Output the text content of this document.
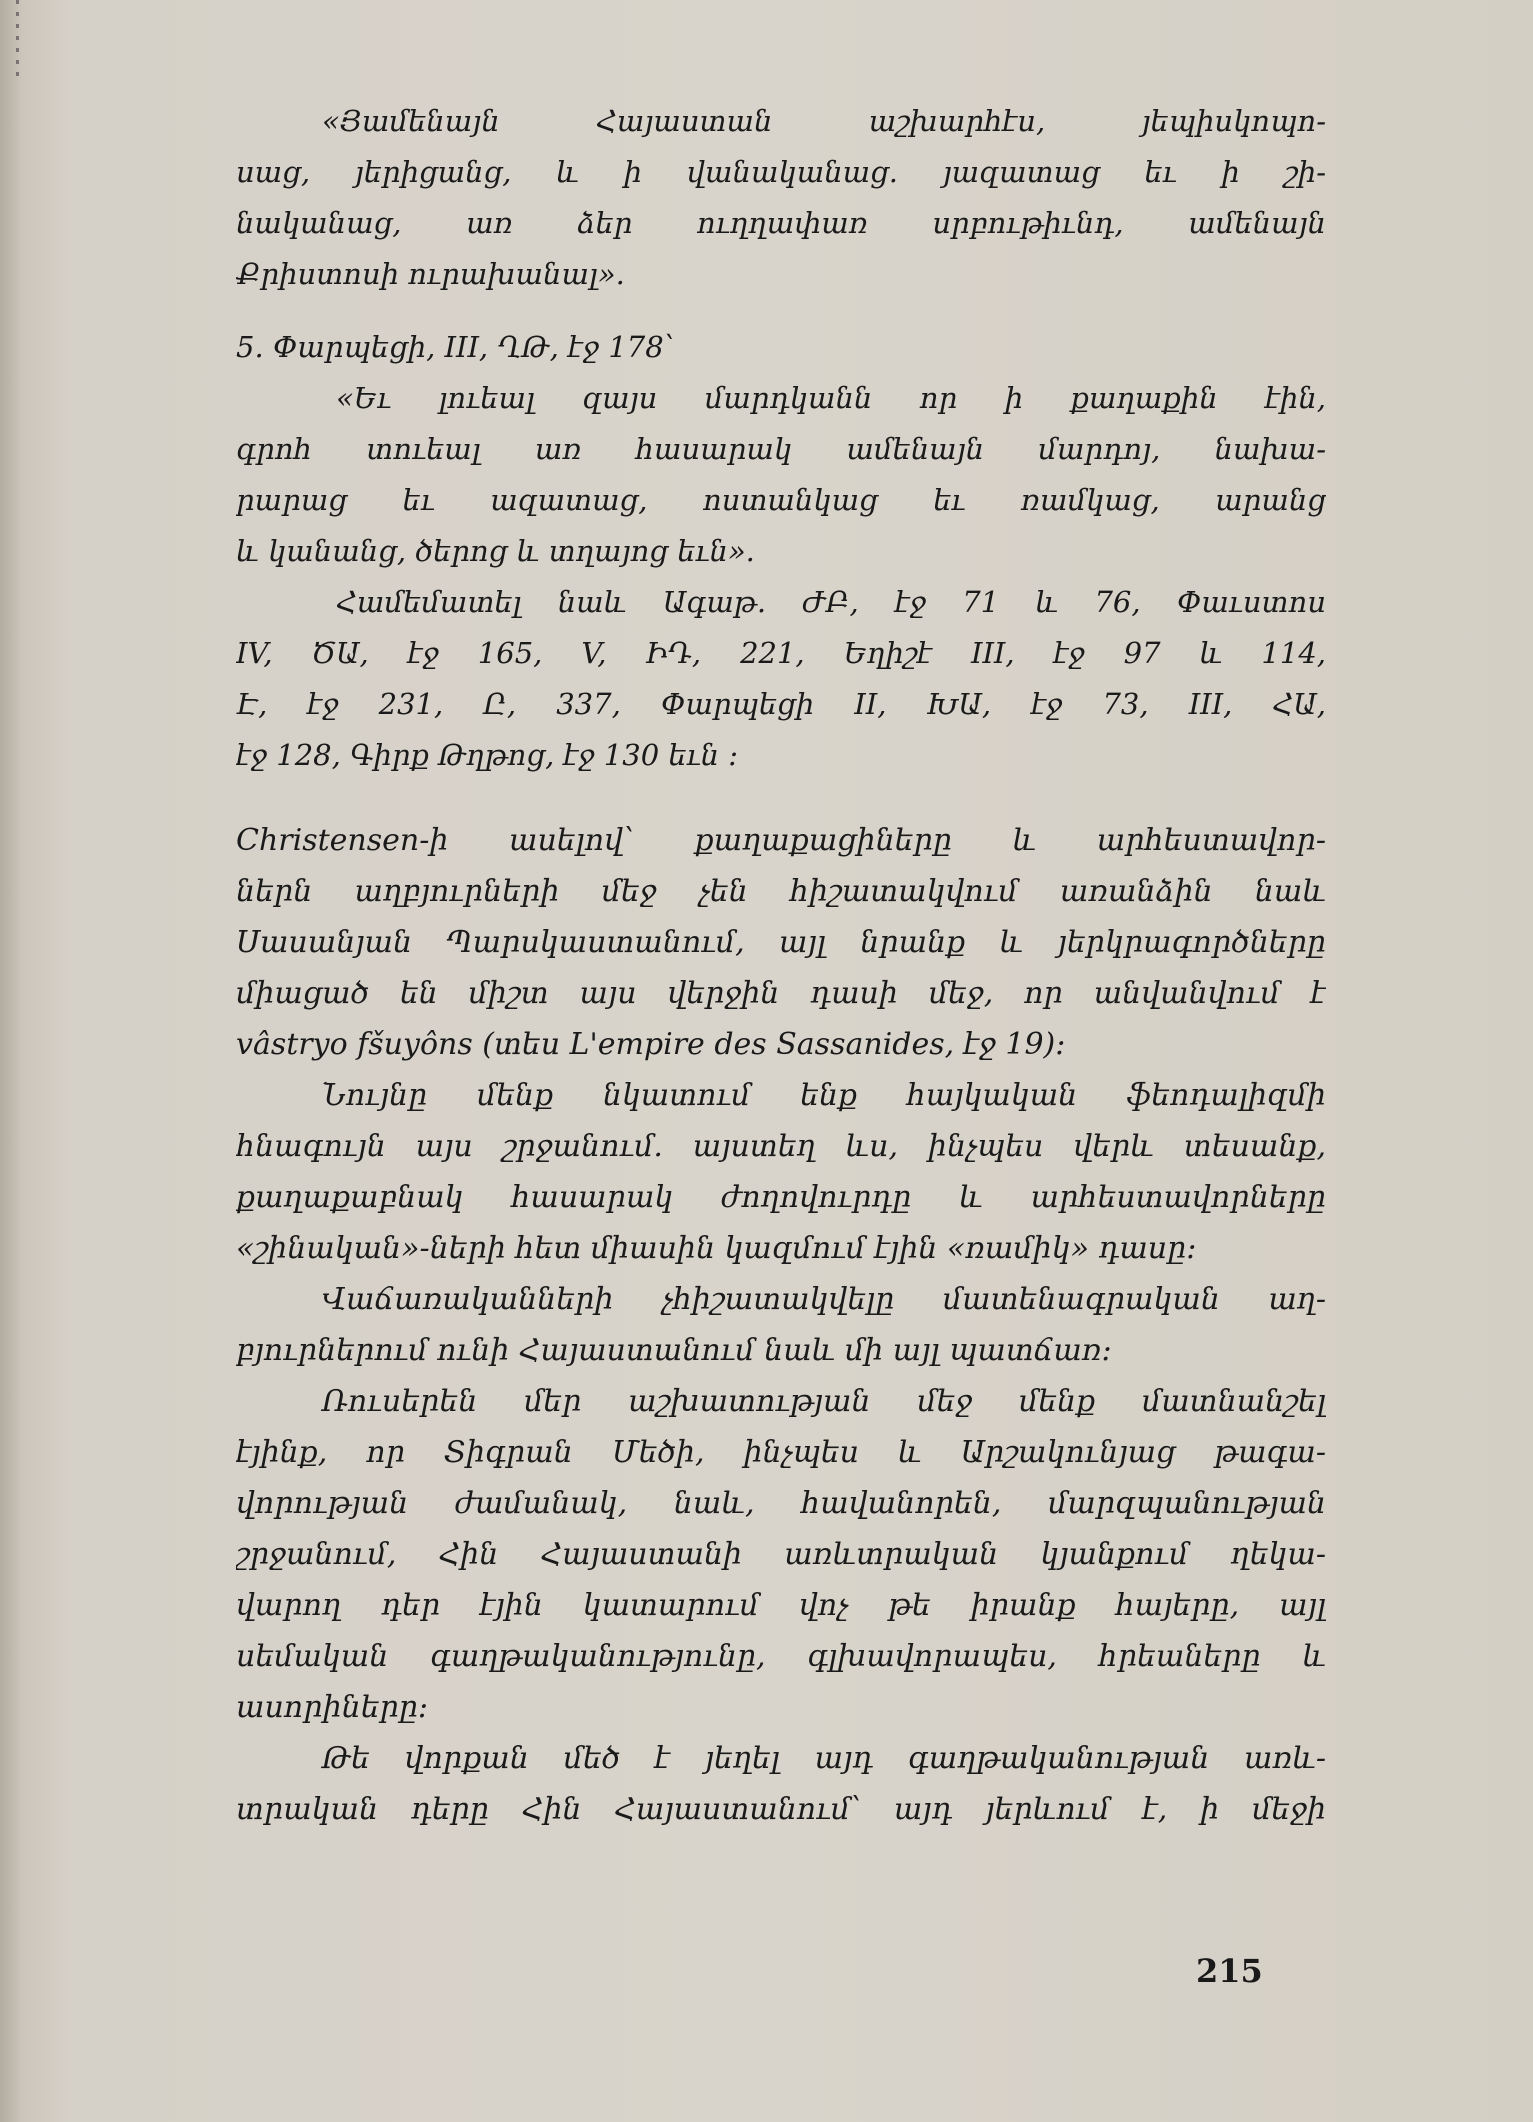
«Յամենայն Հայաստան աշխարհէս, յեպիսկոպո-
սաց, յերիցանց, և ի վանականաց. յազատաց եւ ի շի-
նականաց, առ ձեր ուղղափառ սրբութիւնդ, ամենայն
Քրիստոսի ուրախանալ».
5. Փարպեցի, III, ՂԹ, էջ 178՝
«Եւ լուեալ զայս մարդկանն որ ի քաղաքին էին,
գրոհ տուեալ առ հասարակ ամենայն մարդոյ, նախա-
րարաց եւ ազատաց, ոստանկաց եւ ռամկաց, արանց
և կանանց, ծերոց և տղայոց եւն».
Համեմատել նաև Ագաթ. ԺԲ, էջ 71 և 76, Փաւստոս
IV, ԾԱ, էջ 165, V, ԻԴ, 221, Եղիշէ III, էջ 97 և 114,
Է, էջ 231, Ը, 337, Փարպեցի II, ԽԱ, էջ 73, III, ՀԱ,
էջ 128, Գիրք Թղթոց, էջ 130 եւն :
Christensen-ի ասելով՝ քաղաքացիները և արհեստավոր-
ներն աղբյուրների մեջ չեն հիշատակվում առանձին նաև
Սասանյան Պարսկաստանում, այլ նրանք և յերկրագործները
միացած են միշտ այս վերջին դասի մեջ, որ անվանվում է
vâstryo fšuyôns (տես L'empire des Sassanides, էջ 19)։
Նույնը մենք նկատում ենք հայկական ֆեոդալիզմի
հնագույն այս շրջանում. այստեղ ևս, ինչպես վերև տեսանք,
քաղաքաբնակ հասարակ ժողովուրդը և արհեստավորները
«շինական»-ների հետ միասին կազմում էյին «ռամիկ» դասը։
Վաճառականների չհիշատակվելը մատենագրական աղ-
բյուրներում ունի Հայաստանում նաև մի այլ պատճառ։
Ռուսերեն մեր աշխատության մեջ մենք մատնանշել
էյինք, որ Տիգրան Մեծի, ինչպես և Արշակունյաց թագա-
վորության ժամանակ, նաև, հավանորեն, մարզպանության
շրջանում, Հին Հայաստանի առևտրական կյանքում ղեկա-
վարող դեր էյին կատարում վոչ թե իրանք հայերը, այլ
սեմական գաղթականությունը, գլխավորապես, հրեաները և
ասորիները։
Թե վորքան մեծ է յեղել այդ գաղթականության առև-
տրական դերը Հին Հայաստանում՝ այդ յերևում է, ի մեջի
215
